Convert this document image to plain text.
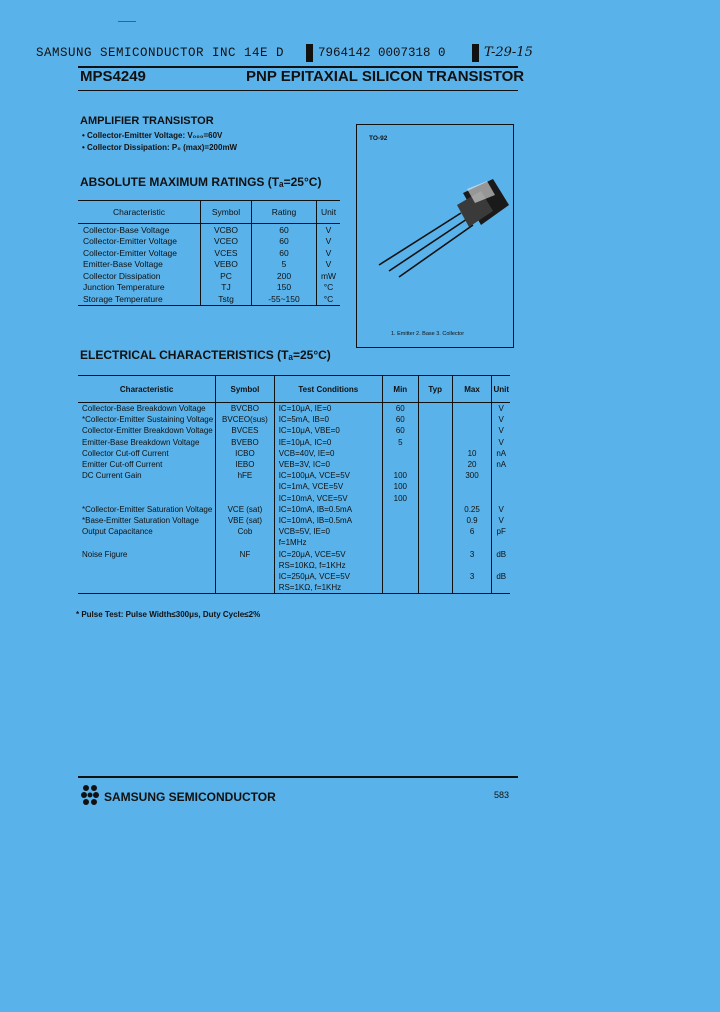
___
SAMSUNG SEMICONDUCTOR INC 14E D	7964142 0007318 0	T-29-15
MPS4249	PNP EPITAXIAL SILICON TRANSISTOR
AMPLIFIER TRANSISTOR
• Collector-Emitter Voltage: V₀₀₀=60V
• Collector Dissipation: P₀ (max)=200mW
ABSOLUTE MAXIMUM RATINGS (Tₐ=25°C)
Characteristic	Symbol	Rating	Unit
Collector-Base Voltage	VCBO	60	V
Collector-Emitter Voltage	VCEO	60	V
Collector-Emitter Voltage	VCES	60	V
Emitter-Base Voltage	VEBO	5	V
Collector Dissipation	PC	200	mW
Junction Temperature	TJ	150	°C
Storage Temperature	Tstg	-55~150	°C
TO-92
1. Emitter 2. Base 3. Collector
ELECTRICAL CHARACTERISTICS (Tₐ=25°C)
Characteristic	Symbol	Test Conditions	Min	Typ	Max	Unit
Collector-Base Breakdown Voltage	BVCBO	IC=10μA, IE=0	60			V
*Collector-Emitter Sustaining Voltage	BVCEO(sus)	IC=5mA, IB=0	60			V
Collector-Emitter Breakdown Voltage	BVCES	IC=10μA, VBE=0	60			V
Emitter-Base Breakdown Voltage	BVEBO	IE=10μA, IC=0	5			V
Collector Cut-off Current	ICBO	VCB=40V, IE=0			10	nA
Emitter Cut-off Current	IEBO	VEB=3V, IC=0			20	nA
DC Current Gain	hFE	IC=100μA, VCE=5V	100		300	
		IC=1mA, VCE=5V	100			
		IC=10mA, VCE=5V	100			
*Collector-Emitter Saturation Voltage	VCE (sat)	IC=10mA, IB=0.5mA			0.25	V
*Base-Emitter Saturation Voltage	VBE (sat)	IC=10mA, IB=0.5mA			0.9	V
Output Capacitance	Cob	VCB=5V, IE=0			6	pF
		f=1MHz				
Noise Figure	NF	IC=20μA, VCE=5V			3	dB
		RS=10KΩ, f=1KHz				
		IC=250μA, VCE=5V			3	dB
		RS=1KΩ, f=1KHz				
* Pulse Test: Pulse Width≤300μs, Duty Cycle≤2%
SAMSUNG SEMICONDUCTOR	583
